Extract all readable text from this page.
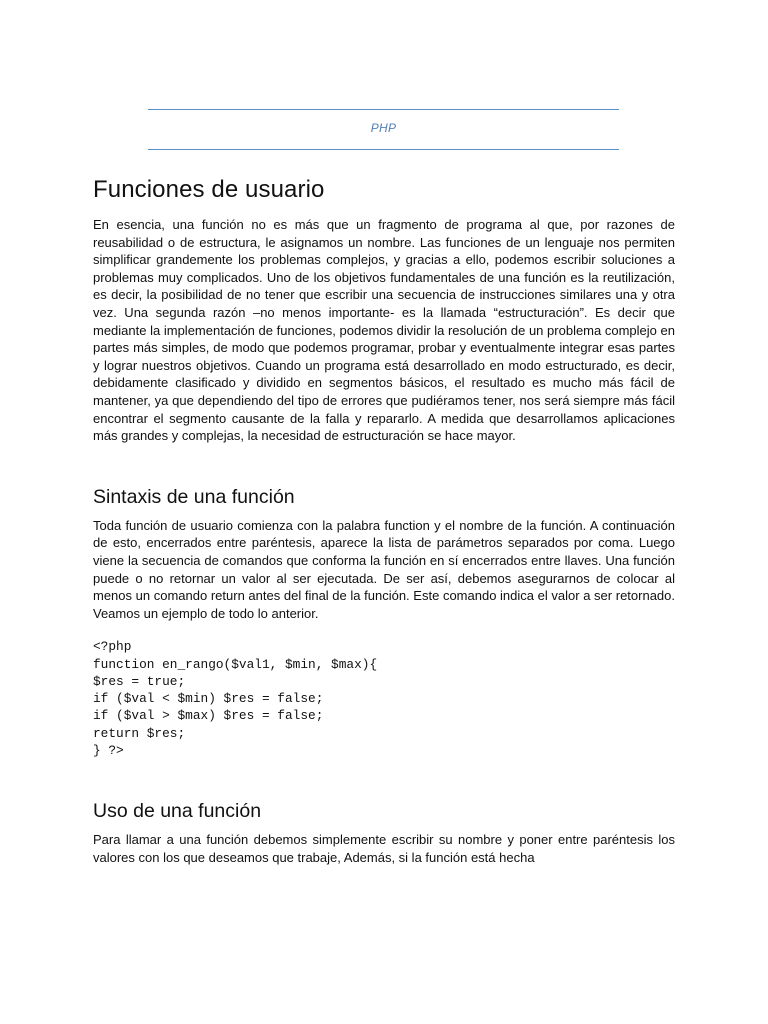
PHP
Funciones de usuario

En esencia, una función no es más que un fragmento de programa al que, por razones de reusabilidad o de estructura, le asignamos un nombre. Las funciones de un lenguaje nos permiten simplificar grandemente los problemas complejos, y gracias a ello, podemos escribir soluciones a problemas muy complicados. Uno de los objetivos fundamentales de una función es la reutilización, es decir, la posibilidad de no tener que escribir una secuencia de instrucciones similares una y otra vez. Una segunda razón –no menos importante- es la llamada “estructuración”. Es decir que mediante la implementación de funciones, podemos dividir la resolución de un problema complejo en partes más simples, de modo que podemos programar, probar y eventualmente integrar esas partes y lograr nuestros objetivos. Cuando un programa está desarrollado en modo estructurado, es decir, debidamente clasificado y dividido en segmentos básicos, el resultado es mucho más fácil de mantener, ya que dependiendo del tipo de errores que pudiéramos tener, nos será siempre más fácil encontrar el segmento causante de la falla y repararlo. A medida que desarrollamos aplicaciones más grandes y complejas, la necesidad de estructuración se hace mayor.

Sintaxis de una función

Toda función de usuario comienza con la palabra function y el nombre de la función. A continuación de esto, encerrados entre paréntesis, aparece la lista de parámetros separados por coma. Luego viene la secuencia de comandos que conforma la función en sí encerrados entre llaves. Una función puede o no retornar un valor al ser ejecutada. De ser así, debemos asegurarnos de colocar al menos un comando return antes del final de la función. Este comando indica el valor a ser retornado. Veamos un ejemplo de todo lo anterior.

<?php
function en_rango($val1, $min, $max){
$res = true;
if ($val < $min) $res = false;
if ($val > $max) $res = false;
return $res;
} ?>
Uso de una función

Para llamar a una función debemos simplemente escribir su nombre y poner entre paréntesis los valores con los que deseamos que trabaje, Además, si la función está hecha
